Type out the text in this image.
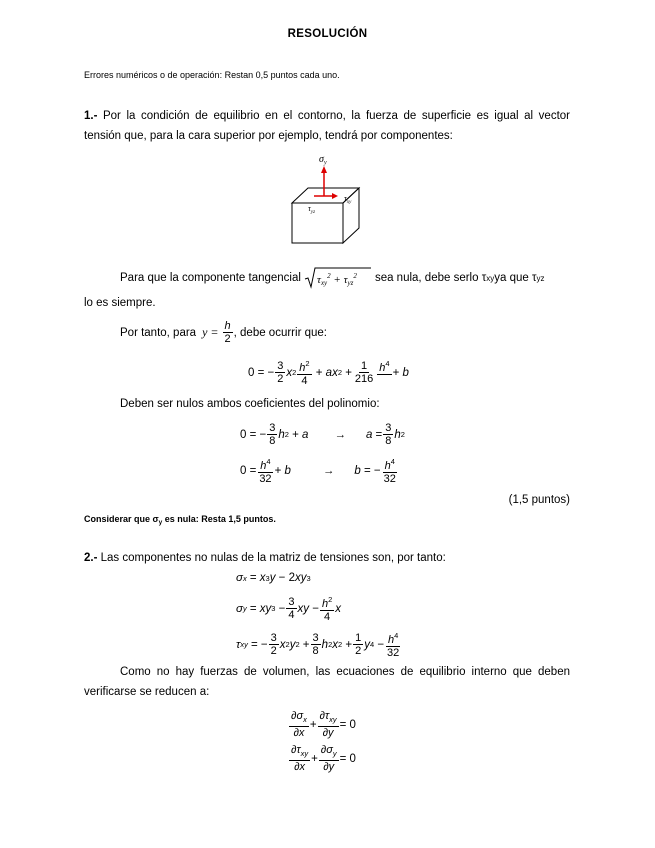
RESOLUCIÓN
Errores numéricos o de operación: Restan 0,5 puntos cada uno.
1.- Por la condición de equilibrio en el contorno, la fuerza de superficie es igual al vector tensión que, para la cara superior por ejemplo, tendrá por componentes:
$\sigma_y$
$\tau_{xy}$
$\tau_{yz}$
Para que la componente tangencial τxy$^2$ + τyz$^2$ sea nula, debe serlo τ xy ya que τ yz
lo es siempre.
Por tanto, para $y = \frac{h}{2}$ , debe ocurrir que:
0 = − $\frac{3}{2}$ x $2 \frac{h^2}{4}$ + ax $2 + \frac{1}{216} h^4$

+ b
Deben ser nulos ambos coeficientes del polinomio:
0 = − $\frac{3}{8}$ h $2 + a \to a = \frac{3}{8}$ h 2
$0 = \frac{h^4}{32} + b$	→ b = − $\frac{h^4}{32}$
(1,5 puntos)
Considerar que $\sigma_y$ es nula: Resta 1,5 puntos.
2.- Las componentes no nulas de la matriz de tensiones son, por tanto:
σ x = x 3 y − 2xy 3
σ y = xy $3 - \frac{3}{4}$ xy − $\frac{h^2}{4}$ x
τ xy = − $\frac{3}{2}$ x 2 y $2 + \frac{3}{8}$ h 2 x $2 + \frac{1}{2}$ y $4 - \frac{h^4}{32}$
Como no hay fuerzas de volumen, las ecuaciones de equilibrio interno que deben verificarse se reducen a:
$\frac{\partial\sigma_x}{\partial x} + \frac{\partial\tau_{xy}}{\partial y} = 0$
$\frac{\partial\tau_{xy}}{\partial x} + \frac{\partial\sigma_y}{\partial y} = 0$
